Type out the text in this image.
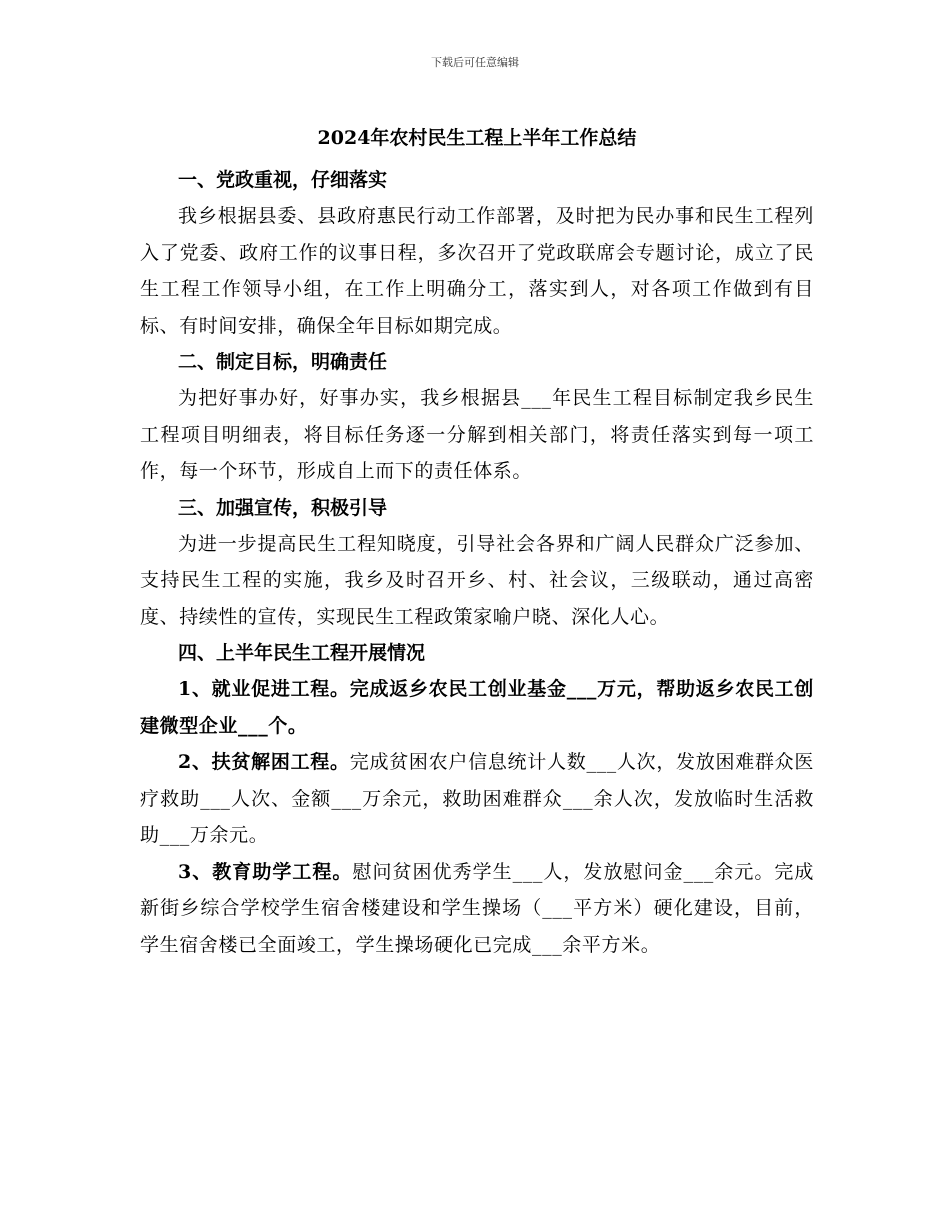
下载后可任意编辑
2024年农村民生工程上半年工作总结
一、党政重视，仔细落实
我乡根据县委、县政府惠民行动工作部署，及时把为民办事和民生工程列入了党委、政府工作的议事日程，多次召开了党政联席会专题讨论，成立了民生工程工作领导小组，在工作上明确分工，落实到人，对各项工作做到有目标、有时间安排，确保全年目标如期完成。
二、制定目标，明确责任
为把好事办好，好事办实，我乡根据县___年民生工程目标制定我乡民生工程项目明细表，将目标任务逐一分解到相关部门，将责任落实到每一项工作，每一个环节，形成自上而下的责任体系。
三、加强宣传，积极引导
为进一步提高民生工程知晓度，引导社会各界和广阔人民群众广泛参加、支持民生工程的实施，我乡及时召开乡、村、社会议，三级联动，通过高密度、持续性的宣传，实现民生工程政策家喻户晓、深化人心。
四、上半年民生工程开展情况
1、就业促进工程。完成返乡农民工创业基金___万元，帮助返乡农民工创建微型企业___个。
2、扶贫解困工程。完成贫困农户信息统计人数___人次，发放困难群众医疗救助___人次、金额___万余元，救助困难群众___余人次，发放临时生活救助___万余元。
3、教育助学工程。慰问贫困优秀学生___人，发放慰问金___余元。完成新街乡综合学校学生宿舍楼建设和学生操场（___平方米）硬化建设，目前，学生宿舍楼已全面竣工，学生操场硬化已完成___余平方米。
